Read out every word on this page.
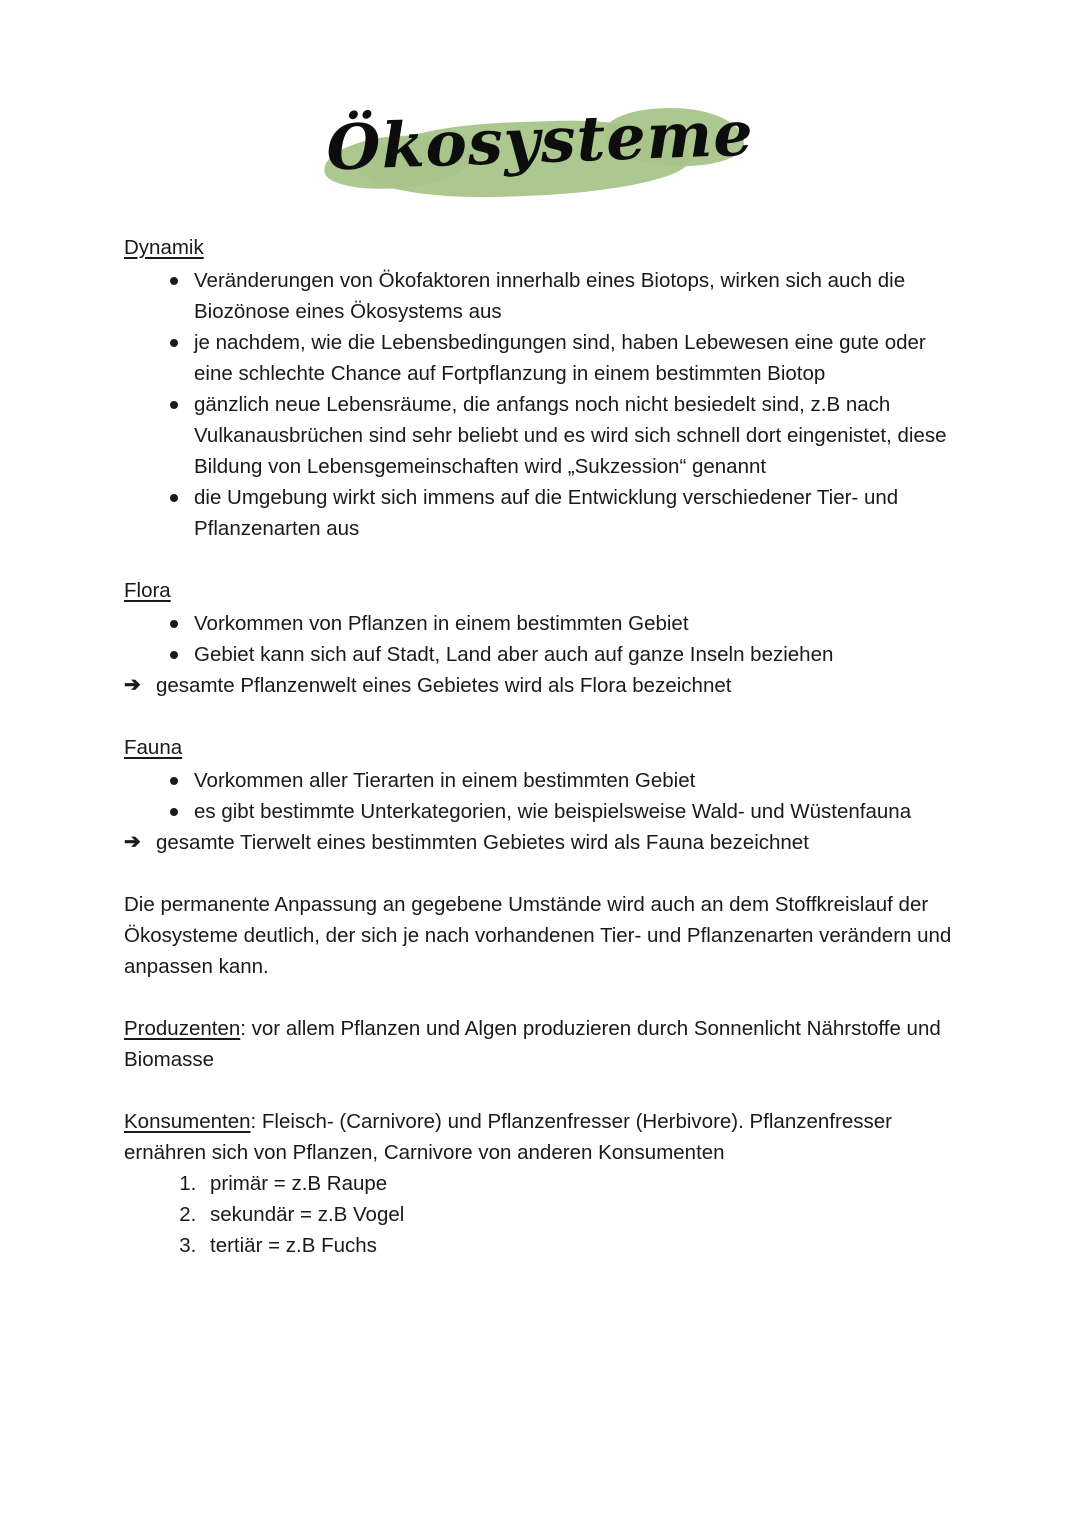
Ökosysteme
Dynamik
Veränderungen von Ökofaktoren innerhalb eines Biotops, wirken sich auch die Biozönose eines Ökosystems aus
je nachdem, wie die Lebensbedingungen sind, haben Lebewesen eine gute oder eine schlechte Chance auf Fortpflanzung in einem bestimmten Biotop
gänzlich neue Lebensräume, die anfangs noch nicht besiedelt sind, z.B nach Vulkanausbrüchen sind sehr beliebt und es wird sich schnell dort eingenistet, diese Bildung von Lebensgemeinschaften wird „Sukzession“ genannt
die Umgebung wirkt sich immens auf die Entwicklung verschiedener Tier- und Pflanzenarten aus
Flora
Vorkommen von Pflanzen in einem bestimmten Gebiet
Gebiet kann sich auf Stadt, Land aber auch auf ganze Inseln beziehen
➔ gesamte Pflanzenwelt eines Gebietes wird als Flora bezeichnet
Fauna
Vorkommen aller Tierarten in einem bestimmten Gebiet
es gibt bestimmte Unterkategorien, wie beispielsweise Wald- und Wüstenfauna
➔ gesamte Tierwelt eines bestimmten Gebietes wird als Fauna bezeichnet

Die permanente Anpassung an gegebene Umstände wird auch an dem Stoffkreislauf der Ökosysteme deutlich, der sich je nach vorhandenen Tier- und Pflanzenarten verändern und anpassen kann.

Produzenten: vor allem Pflanzen und Algen produzieren durch Sonnenlicht Nährstoffe und Biomasse

Konsumenten: Fleisch- (Carnivore) und Pflanzenfresser (Herbivore). Pflanzenfresser ernähren sich von Pflanzen, Carnivore von anderen Konsumenten

1. primär = z.B Raupe
2. sekundär = z.B Vogel
3. tertiär = z.B Fuchs
